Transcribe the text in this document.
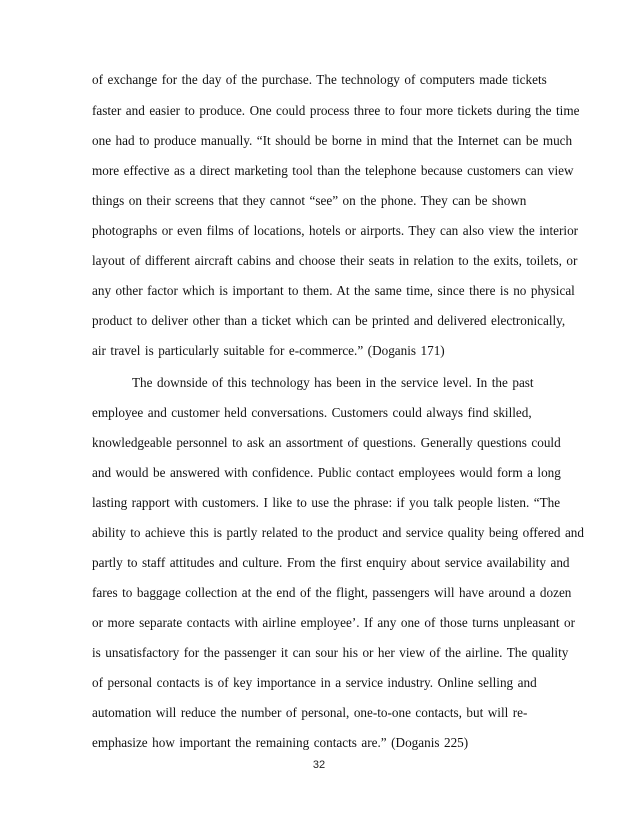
of exchange for the day of the purchase. The technology of computers made tickets
faster and easier to produce. One could process three to four more tickets during the time
one had to produce manually. “It should be borne in mind that the Internet can be much
more effective as a direct marketing tool than the telephone because customers can view
things on their screens that they cannot “see” on the phone. They can be shown
photographs or even films of locations, hotels or airports. They can also view the interior
layout of different aircraft cabins and choose their seats in relation to the exits, toilets, or
any other factor which is important to them. At the same time, since there is no physical
product to deliver other than a ticket which can be printed and delivered electronically,
air travel is particularly suitable for e-commerce.” (Doganis 171)
The downside of this technology has been in the service level. In the past
employee and customer held conversations. Customers could always find skilled,
knowledgeable personnel to ask an assortment of questions. Generally questions could
and would be answered with confidence. Public contact employees would form a long
lasting rapport with customers. I like to use the phrase: if you talk people listen. “The
ability to achieve this is partly related to the product and service quality being offered and
partly to staff attitudes and culture. From the first enquiry about service availability and
fares to baggage collection at the end of the flight, passengers will have around a dozen
or more separate contacts with airline employee’. If any one of those turns unpleasant or
is unsatisfactory for the passenger it can sour his or her view of the airline. The quality
of personal contacts is of key importance in a service industry. Online selling and
automation will reduce the number of personal, one-to-one contacts, but will re-
emphasize how important the remaining contacts are.” (Doganis 225)
32
